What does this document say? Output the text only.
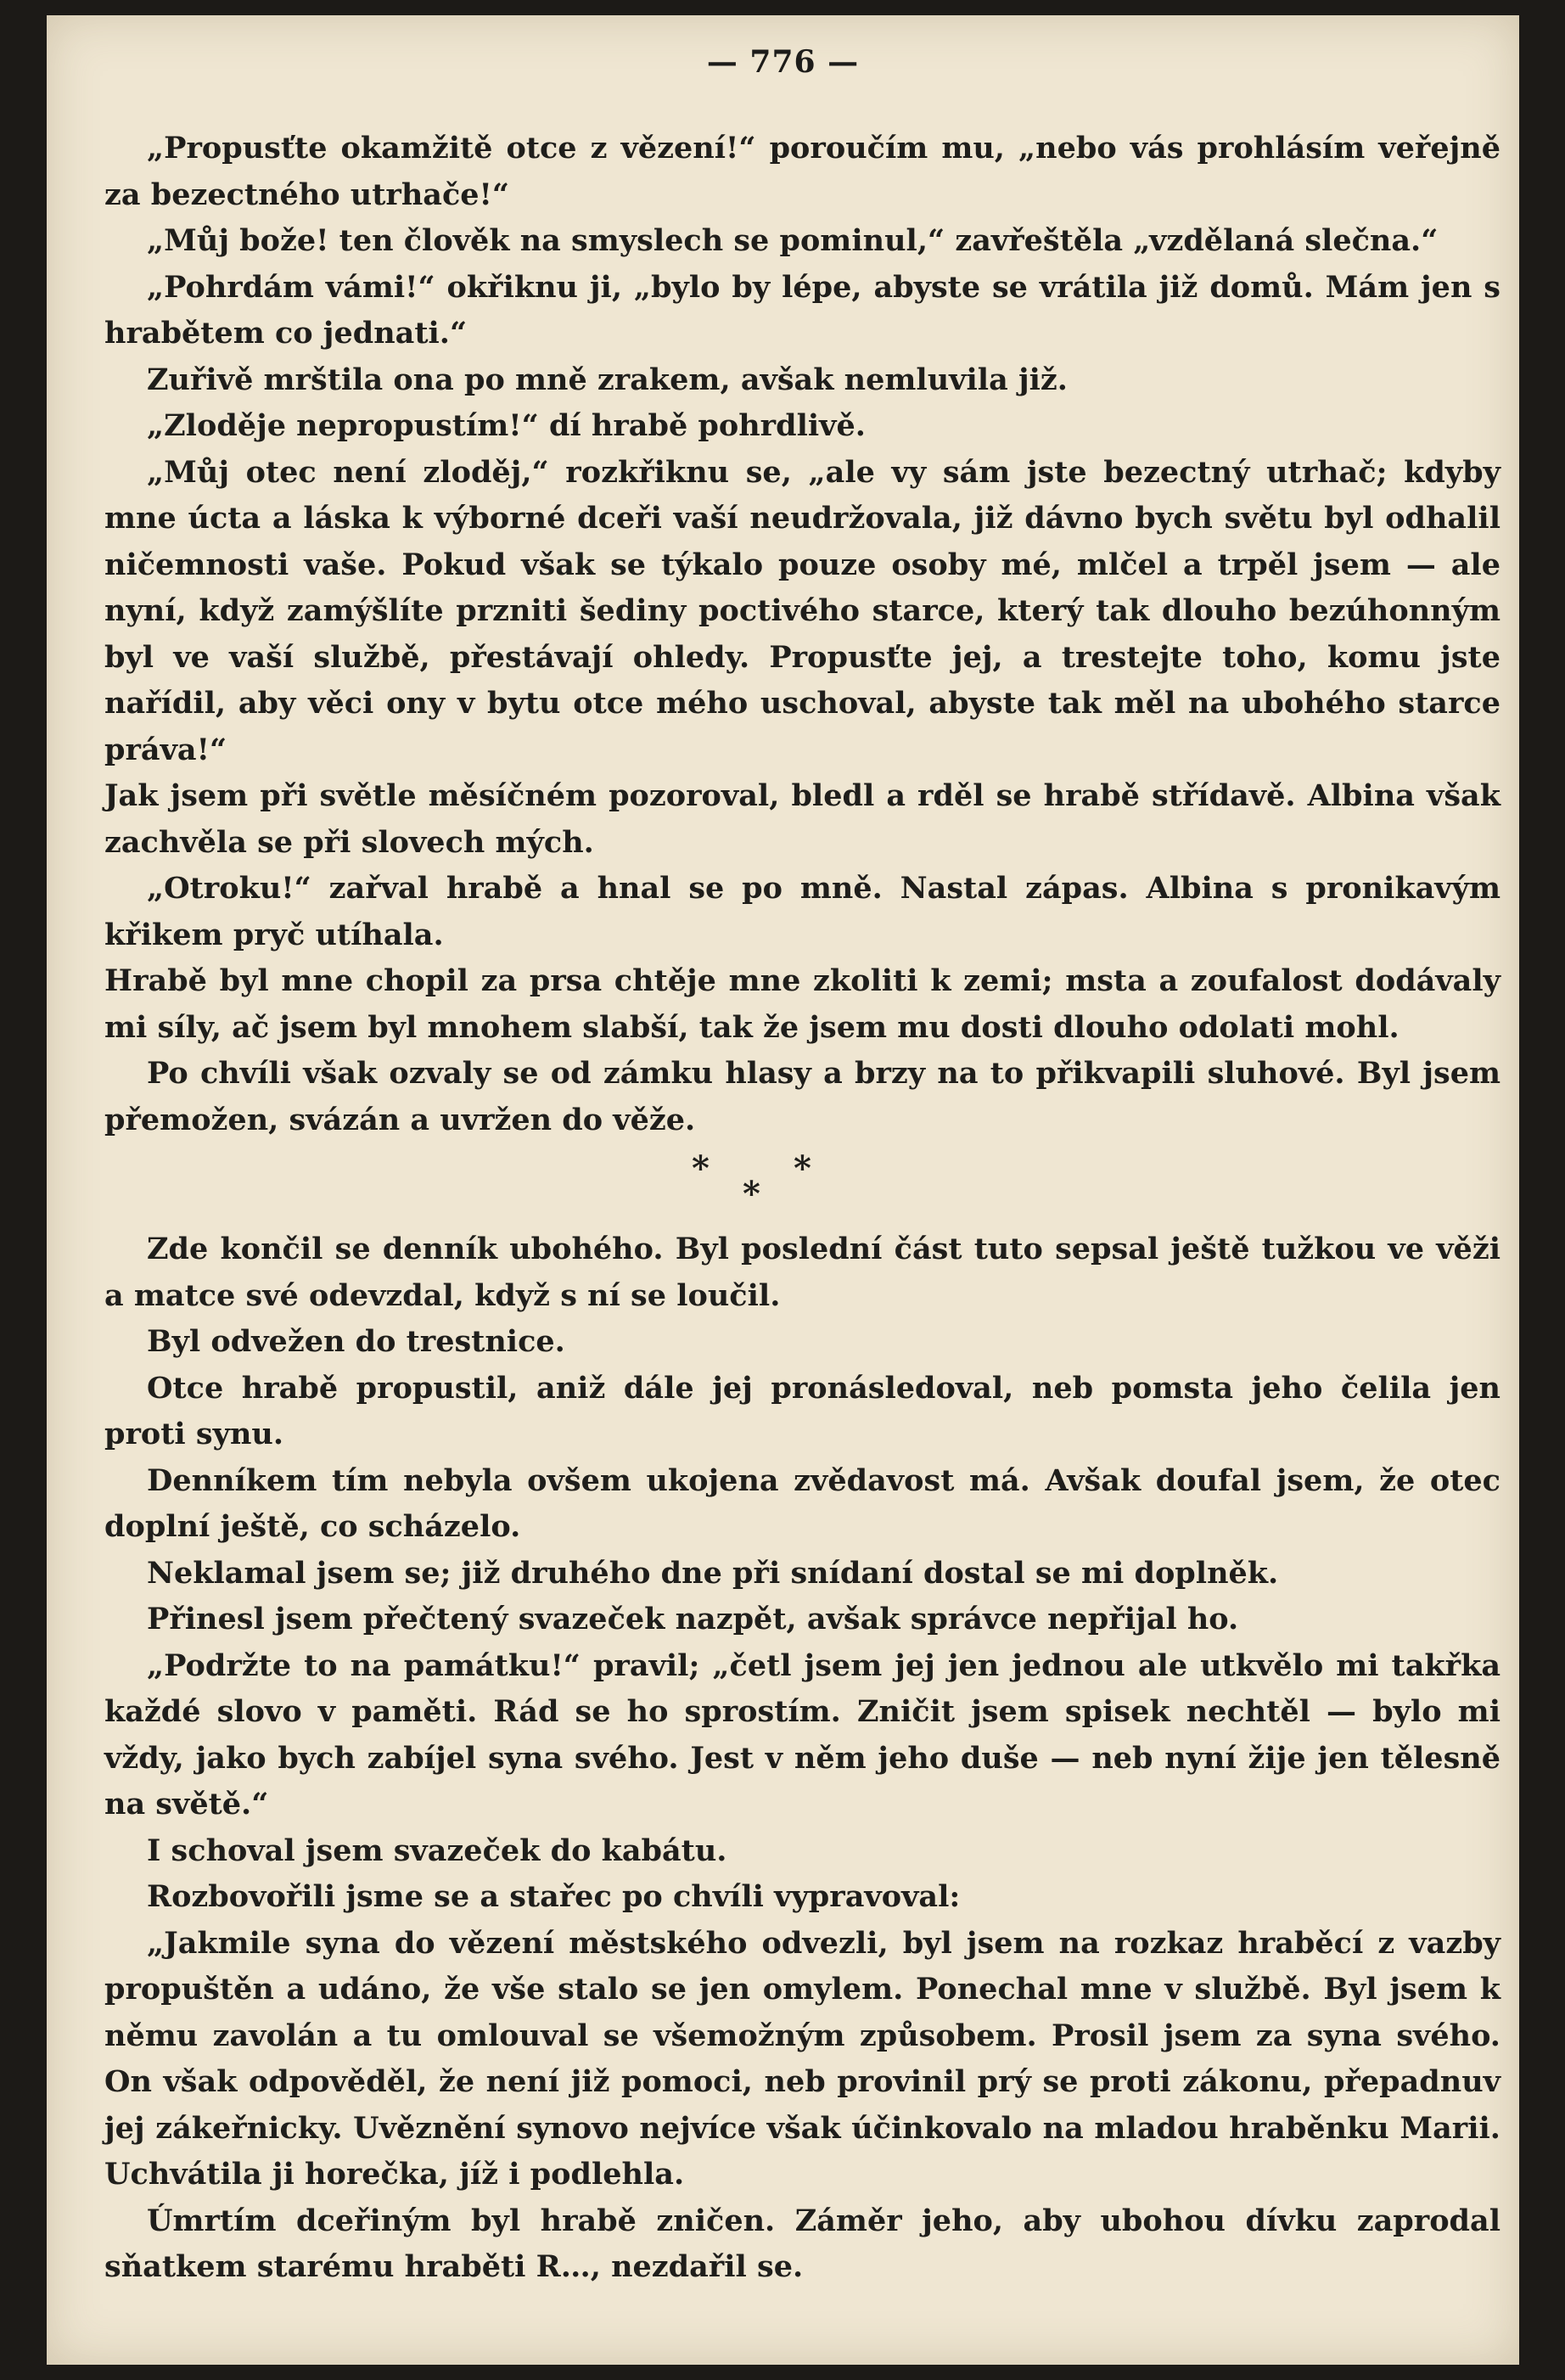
— 776 —

„Propusťte okamžitě otce z vězení!“ poroučím mu, „nebo vás prohlásím veřejně za bezectného utrhače!“

„Můj bože! ten člověk na smyslech se pominul,“ zavřeštěla „vzdělaná slečna.“

„Pohrdám vámi!“ okřiknu ji, „bylo by lépe, abyste se vrátila již domů. Mám jen s hrabětem co jednati.“

Zuřivě mrštila ona po mně zrakem, avšak nemluvila již.

„Zloděje nepropustím!“ dí hrabě pohrdlivě.

„Můj otec není zloděj,“ rozkřiknu se, „ale vy sám jste bezectný utrhač; kdyby mne úcta a láska k výborné dceři vaší neudržovala, již dávno bych světu byl odhalil ničemnosti vaše. Pokud však se týkalo pouze osoby mé, mlčel a trpěl jsem — ale nyní, když zamýšlíte przniti šediny poctivého starce, který tak dlouho bezúhonným byl ve vaší službě, přestávají ohledy. Propusťte jej, a trestejte toho, komu jste nařídil, aby věci ony v bytu otce mého uschoval, abyste tak měl na ubohého starce práva!“

Jak jsem při světle měsíčném pozoroval, bledl a rděl se hrabě střídavě. Albina však zachvěla se při slovech mých.

„Otroku!“ zařval hrabě a hnal se po mně. Nastal zápas. Albina s pronikavým křikem pryč utíhala.

Hrabě byl mne chopil za prsa chtěje mne zkoliti k zemi; msta a zoufalost dodávaly mi síly, ač jsem byl mnohem slabší, tak že jsem mu dosti dlouho odolati mohl.

Po chvíli však ozvaly se od zámku hlasy a brzy na to přikvapili sluhové. Byl jsem přemožen, svázán a uvržen do věže.

* *
*

Zde končil se denník ubohého. Byl poslední část tuto sepsal ještě tužkou ve věži a matce své odevzdal, když s ní se loučil.

Byl odvežen do trestnice.

Otce hrabě propustil, aniž dále jej pronásledoval, neb pomsta jeho čelila jen proti synu.

Denníkem tím nebyla ovšem ukojena zvědavost má. Avšak doufal jsem, že otec doplní ještě, co scházelo.

Neklamal jsem se; již druhého dne při snídaní dostal se mi doplněk.

Přinesl jsem přečtený svazeček nazpět, avšak správce nepřijal ho.

„Podržte to na památku!“ pravil; „četl jsem jej jen jednou ale utkvělo mi takřka každé slovo v paměti. Rád se ho sprostím. Zničit jsem spisek nechtěl — bylo mi vždy, jako bych zabíjel syna svého. Jest v něm jeho duše — neb nyní žije jen tělesně na světě.“

I schoval jsem svazeček do kabátu.

Rozbovořili jsme se a stařec po chvíli vypravoval:

„Jakmile syna do vězení městského odvezli, byl jsem na rozkaz hraběcí z vazby propuštěn a udáno, že vše stalo se jen omylem. Ponechal mne v službě. Byl jsem k němu zavolán a tu omlouval se všemožným způsobem. Prosil jsem za syna svého. On však odpověděl, že není již pomoci, neb provinil prý se proti zákonu, přepadnuv jej zákeřnicky. Uvěznění synovo nejvíce však účinkovalo na mladou hraběnku Marii. Uchvátila ji horečka, jíž i podlehla.

Úmrtím dceřiným byl hrabě zničen. Záměr jeho, aby ubohou dívku zaprodal sňatkem starému hraběti R…, nezdařil se.
